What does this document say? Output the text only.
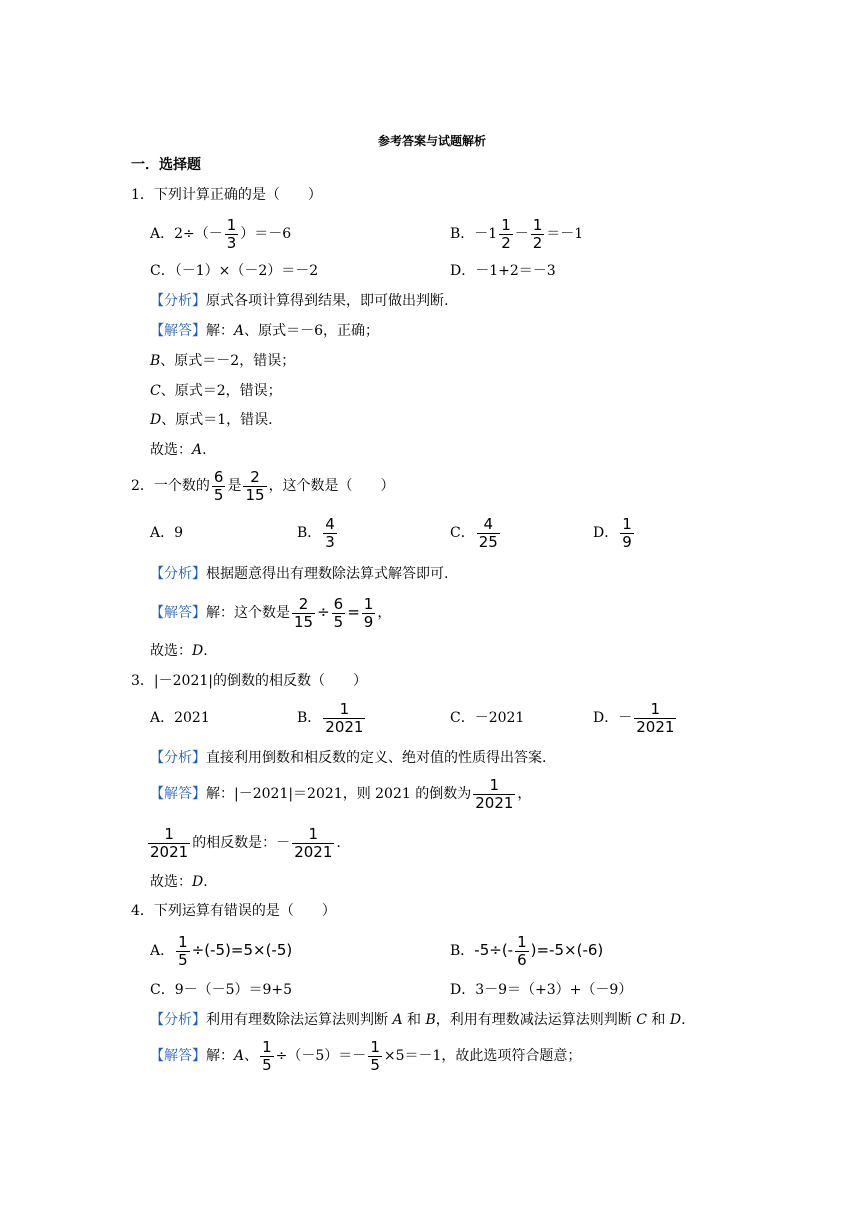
参考答案与试题解析
一．选择题
1．下列计算正确的是（　　）
A．$2\div(- \frac{1}{3} )=-6$	B．$-1 \frac{1}{2} - \frac{1}{2} =-1$
C．（－1）×（－2）＝－2	D．－1+2＝－3
【分析】原式各项计算得到结果，即可做出判断.
【解答】解：A、原式＝－6，正确；
B、原式＝－2，错误；
C、原式＝2，错误；
D、原式＝1，错误.
故选：A.
2．一个数的 $\frac{6}{5}$ 是 $\frac{2}{15}$ ，这个数是（　　）
A．9	B． $\frac{4}{3}$	C． $\frac{4}{25}$	D． $\frac{1}{9}$
【分析】根据题意得出有理数除法算式解答即可.
【解答】解：这个数是 $\frac{2}{15} \div \frac{6}{5} = \frac{1}{9}$ ，
故选：D.
3．|－2021|的倒数的相反数（　　）
A．2021	B． $\frac{1}{2021}$	C．－2021	D．－ $\frac{1}{2021}$
【分析】直接利用倒数和相反数的定义、绝对值的性质得出答案.
【解答】解：|－2021|＝2021，则 2021 的倒数为 $\frac{1}{2021}$ ，
$\frac{1}{2021}$ 的相反数是：－ $\frac{1}{2021}$ .
故选：D.
4．下列运算有错误的是（　　）
A． $\frac{1}{5} \div(-5)=5\times(-5)$	B．$-5\div(- \frac{1}{6} )=-5\times(-6)$
C．9－（－5）＝9+5	D．3－9＝（+3）+（－9）
【分析】利用有理数除法运算法则判断 A 和 B，利用有理数减法运算法则判断 C 和 D.
【解答】解：A、 $\frac{1}{5} \div(-5)=- \frac{1}{5} \times 5=-1$，故此选项符合题意；
